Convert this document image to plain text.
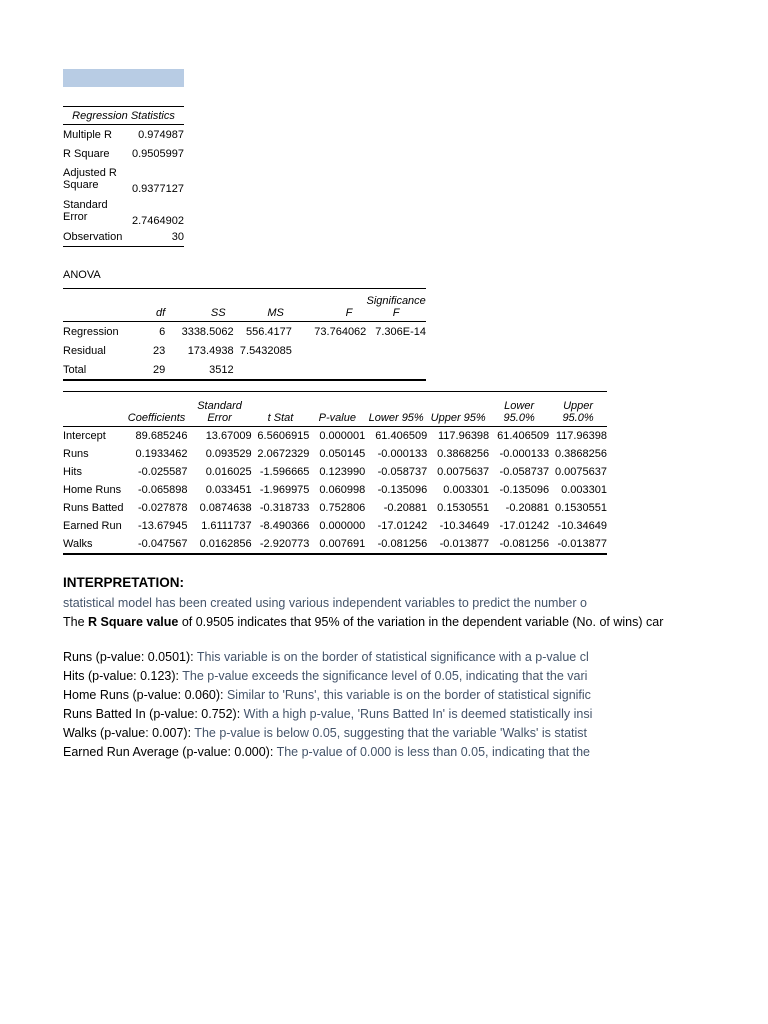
Regression Statistics	
Multiple R	0.974987
R Square	0.9505997
Adjusted R Square	0.9377127
Standard Error	2.7464902
Observation	30
ANOVA
	df	SS	MS	F	Significance F
Regression	6	3338.5062	556.4177	73.764062	7.306E-14
Residual	23	173.4938	7.5432085		
Total	29	3512			
	Coefficients	Standard Error	t Stat	P-value	Lower 95%	Upper 95%	Lower 95.0%	Upper 95.0%
Intercept	89.685246	13.67009	6.5606915	0.000001	61.406509	117.96398	61.406509	117.96398
Runs	0.1933462	0.093529	2.0672329	0.050145	-0.000133	0.3868256	-0.000133	0.3868256
Hits	-0.025587	0.016025	-1.596665	0.123990	-0.058737	0.0075637	-0.058737	0.0075637
Home Runs	-0.065898	0.033451	-1.969975	0.060998	-0.135096	0.003301	-0.135096	0.003301
Runs Batted	-0.027878	0.0874638	-0.318733	0.752806	-0.20881	0.1530551	-0.20881	0.1530551
Earned Run	-13.67945	1.6111737	-8.490366	0.000000	-17.01242	-10.34649	-17.01242	-10.34649
Walks	-0.047567	0.0162856	-2.920773	0.007691	-0.081256	-0.013877	-0.081256	-0.013877
INTERPRETATION:
statistical model has been created using various independent variables to predict the number o
The R Square value of 0.9505 indicates that 95% of the variation in the dependent variable (No. of wins) car
Runs (p-value: 0.0501): This variable is on the border of statistical significance with a p-value cl
Hits (p-value: 0.123): The p-value exceeds the significance level of 0.05, indicating that the vari
Home Runs (p-value: 0.060): Similar to 'Runs', this variable is on the border of statistical signific
Runs Batted In (p-value: 0.752): With a high p-value, 'Runs Batted In' is deemed statistically insi
Walks (p-value: 0.007): The p-value is below 0.05, suggesting that the variable 'Walks' is statist
Earned Run Average (p-value: 0.000): The p-value of 0.000 is less than 0.05, indicating that the
